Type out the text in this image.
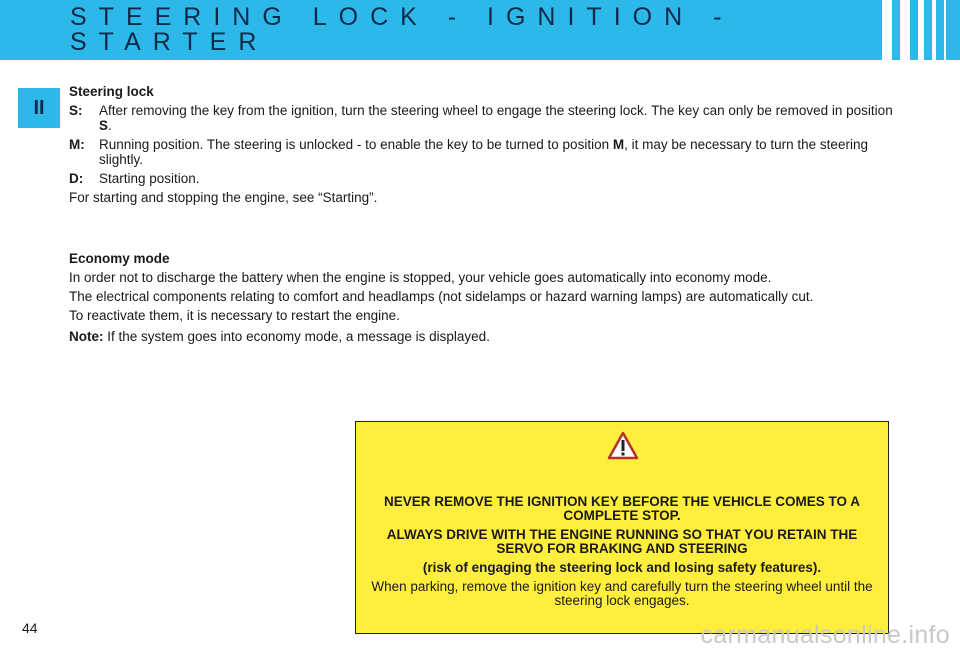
STEERING LOCK - IGNITION - STARTER
II
Steering lock
S:	After removing the key from the ignition, turn the steering wheel to engage the steering lock. The key can only be removed in position S.
M:	Running position. The steering is unlocked - to enable the key to be turned to position M, it may be necessary to turn the steering slightly.
D:	Starting position.
For starting and stopping the engine, see “Starting”.
Economy mode
In order not to discharge the battery when the engine is stopped, your vehicle goes automatically into economy mode.
The electrical components relating to comfort and headlamps (not sidelamps or hazard warning lamps) are automatically cut.
To reactivate them, it is necessary to restart the engine.
Note: If the system goes into economy mode, a message is displayed.

NEVER REMOVE THE IGNITION KEY BEFORE THE VEHICLE COMES TO A COMPLETE STOP.

ALWAYS DRIVE WITH THE ENGINE RUNNING SO THAT YOU RETAIN THE SERVO FOR BRAKING AND STEERING

(risk of engaging the steering lock and losing safety features).

When parking, remove the ignition key and carefully turn the steering wheel until the steering lock engages.

44	carmanualsonline.info
